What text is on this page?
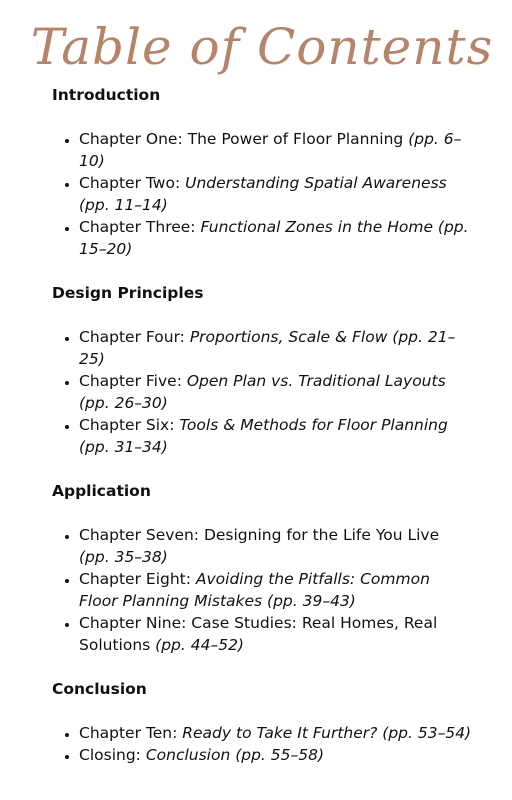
Table of Contents
Introduction
• Chapter One: The Power of Floor Planning (pp. 6–10)
• Chapter Two: Understanding Spatial Awareness (pp. 11–14)
• Chapter Three: Functional Zones in the Home (pp. 15–20)
Design Principles
• Chapter Four: Proportions, Scale & Flow (pp. 21–25)
• Chapter Five: Open Plan vs. Traditional Layouts (pp. 26–30)
• Chapter Six: Tools & Methods for Floor Planning (pp. 31–34)
Application
• Chapter Seven: Designing for the Life You Live (pp. 35–38)
• Chapter Eight: Avoiding the Pitfalls: Common Floor Planning Mistakes (pp. 39–43)
• Chapter Nine: Case Studies: Real Homes, Real Solutions (pp. 44–52)
Conclusion
• Chapter Ten: Ready to Take It Further? (pp. 53–54)
• Closing: Conclusion (pp. 55–58)
